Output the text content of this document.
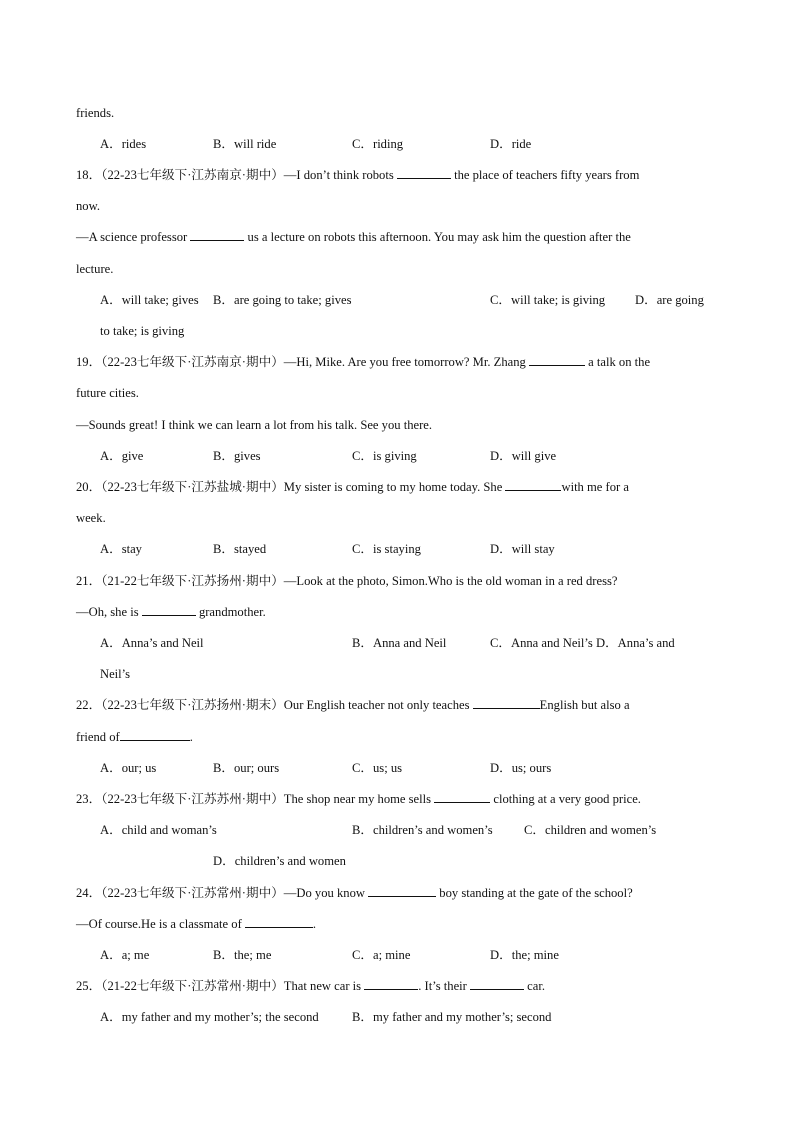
friends.
A．rides	B．will ride	C．riding	D．ride
18．（22-23七年级下·江苏南京·期中）—I don’t think robots	the place of teachers fifty years from
now.
—A science professor	us a lecture on robots this afternoon. You may ask him the question after the
lecture.
A．will take; gives B．are going to take; gives	C．will take; is giving D．are going
to take; is giving
19．（22-23七年级下·江苏南京·期中）—Hi, Mike. Are you free tomorrow? Mr. Zhang	a talk on the
future cities.
—Sounds great! I think we can learn a lot from his talk. See you there.
A．give	B．gives	C．is giving	D．will give
20．（22-23七年级下·江苏盐城·期中）My sister is coming to my home today. She	with me for a
week.
A．stay	B．stayed	C．is staying	D．will stay
21．（21-22七年级下·江苏扬州·期中）—Look at the photo, Simon.Who is the old woman in a red dress?
—Oh, she is	grandmother.
A．Anna’s and Neil	B．Anna and Neil	C．Anna and Neil’s D．Anna’s and
Neil’s
22．（22-23七年级下·江苏扬州·期末）Our English teacher not only teaches	English but also a
friend of	.
A．our; us	B．our; ours	C．us; us	D．us; ours
23．（22-23七年级下·江苏苏州·期中）The shop near my home sells	clothing at a very good price.
A．child and woman’s	B．children’s and women’s C．children and women’s
D．children’s and women
24．（22-23七年级下·江苏常州·期中）—Do you know	boy standing at the gate of the school?
—Of course.He is a classmate of	.
A．a; me	B．the; me	C．a; mine	D．the; mine
25．（21-22七年级下·江苏常州·期中）That new car is	. It’s their	car.
A．my father and my mother’s; the second	B．my father and my mother’s; second
